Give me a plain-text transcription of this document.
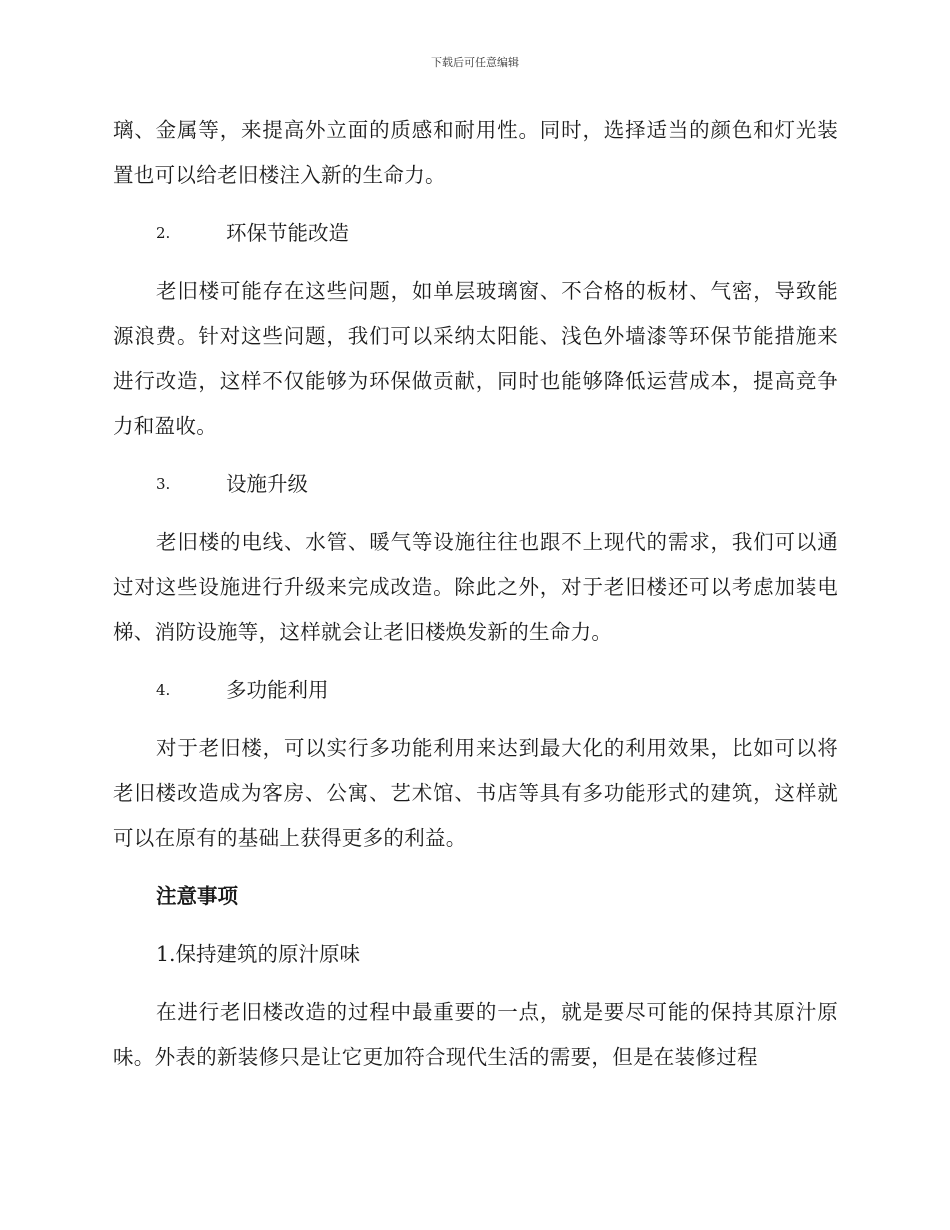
下载后可任意编辑

璃、金属等，来提高外立面的质感和耐用性。同时，选择适当的颜色和灯光装置也可以给老旧楼注入新的生命力。

2.	环保节能改造

老旧楼可能存在这些问题，如单层玻璃窗、不合格的板材、气密，导致能源浪费。针对这些问题，我们可以采纳太阳能、浅色外墙漆等环保节能措施来进行改造，这样不仅能够为环保做贡献，同时也能够降低运营成本，提高竞争力和盈收。

3.	设施升级

老旧楼的电线、水管、暖气等设施往往也跟不上现代的需求，我们可以通过对这些设施进行升级来完成改造。除此之外，对于老旧楼还可以考虑加装电梯、消防设施等，这样就会让老旧楼焕发新的生命力。

4.	多功能利用

对于老旧楼，可以实行多功能利用来达到最大化的利用效果，比如可以将老旧楼改造成为客房、公寓、艺术馆、书店等具有多功能形式的建筑，这样就可以在原有的基础上获得更多的利益。

注意事项
1.保持建筑的原汁原味

在进行老旧楼改造的过程中最重要的一点，就是要尽可能的保持其原汁原味。外表的新装修只是让它更加符合现代生活的需要，但是在装修过程
